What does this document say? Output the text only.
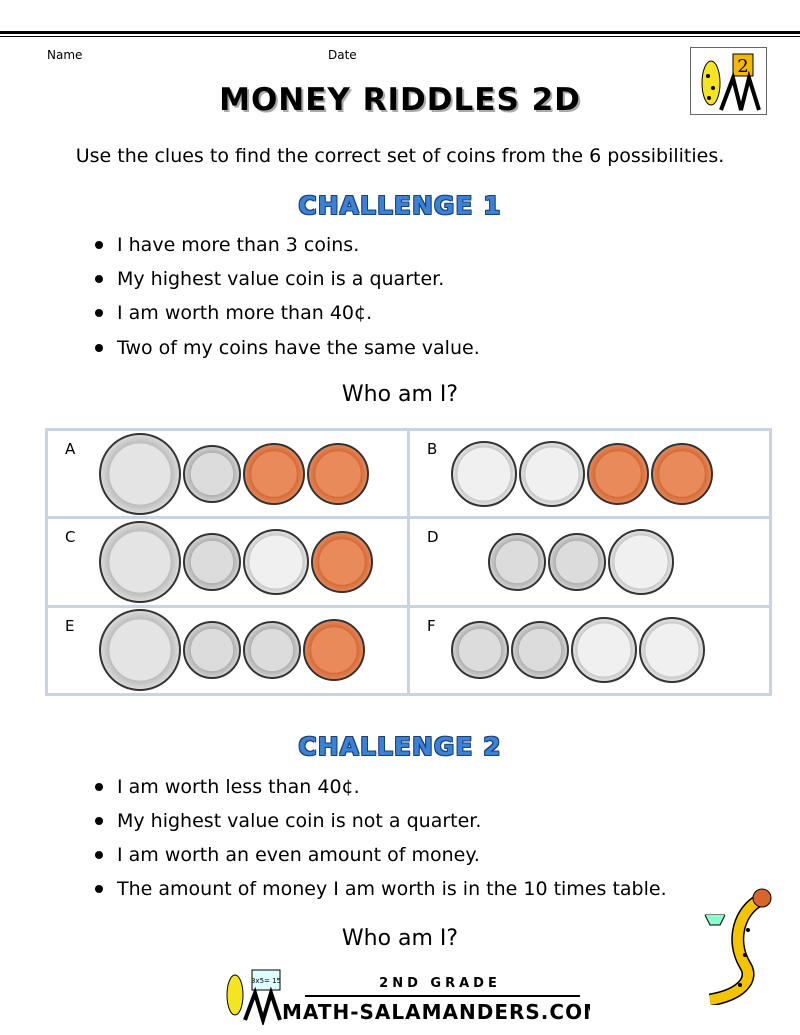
Name	Date
2
MONEY RIDDLES 2D
Use the clues to find the correct set of coins from the 6 possibilities.
CHALLENGE 1
I have more than 3 coins.
My highest value coin is a quarter.
I am worth more than 40¢.
Two of my coins have the same value.
Who am I?
A	B
C	D
E	F
CHALLENGE 2
I am worth less than 40¢.
My highest value coin is not a quarter.
I am worth an even amount of money.
The amount of money I am worth is in the 10 times table.
Who am I?
3x5= 15	2ND GRADE
MATH-SALAMANDERS.COM
